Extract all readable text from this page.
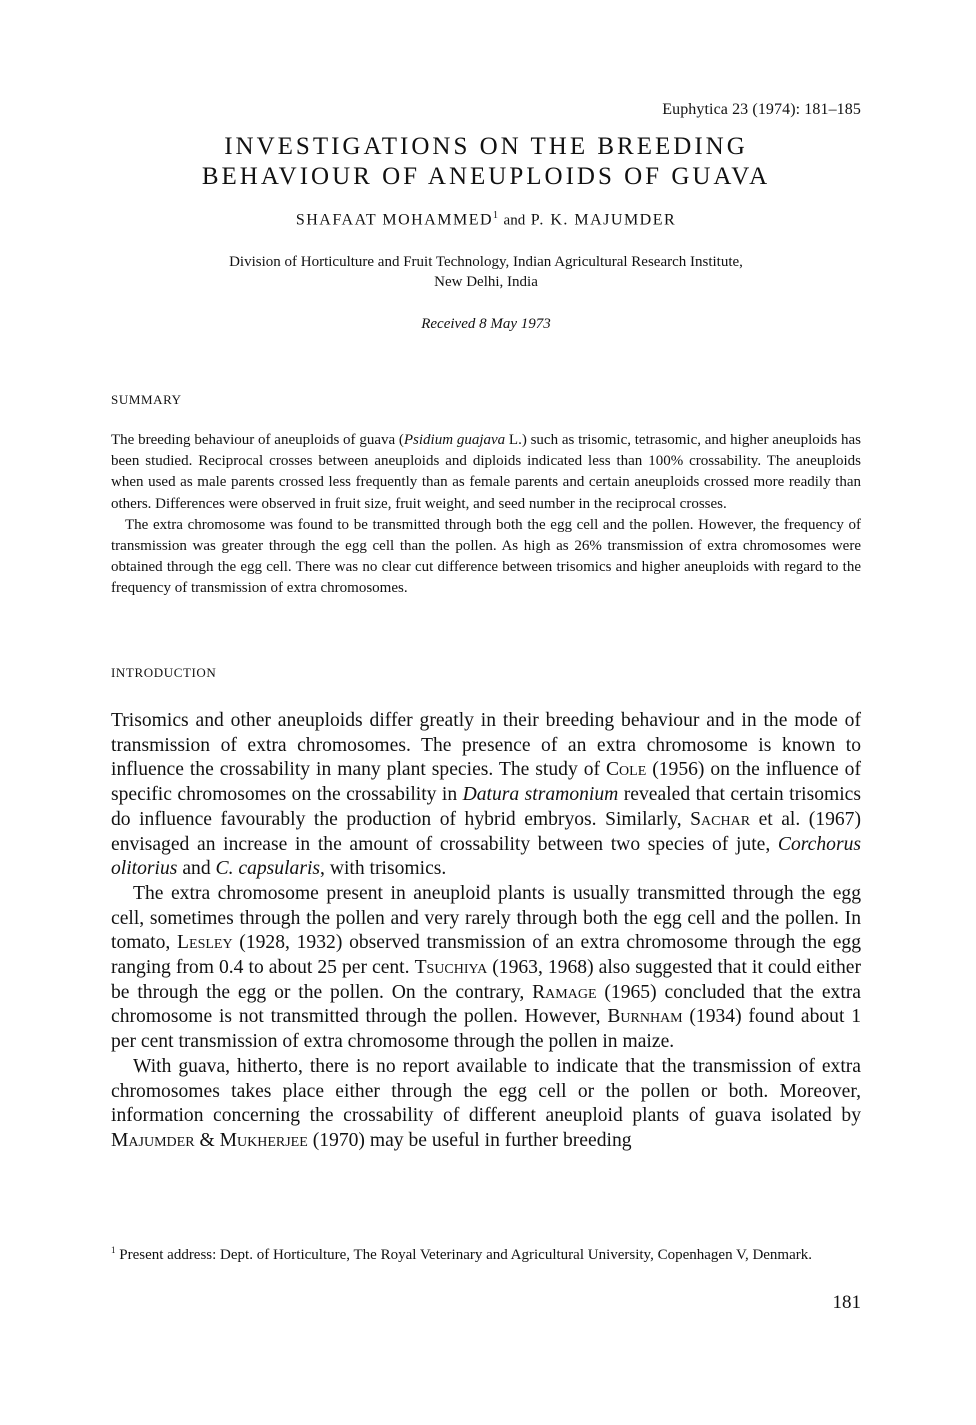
Euphytica 23 (1974): 181–185
INVESTIGATIONS ON THE BREEDING
BEHAVIOUR OF ANEUPLOIDS OF GUAVA
SHAFAAT MOHAMMED$^1$ and P. K. MAJUMDER
Division of Horticulture and Fruit Technology, Indian Agricultural Research Institute,
New Delhi, India
Received 8 May 1973
SUMMARY

The breeding behaviour of aneuploids of guava (Psidium guajava L.) such as trisomic, tetrasomic, and higher aneuploids has been studied. Reciprocal crosses between aneuploids and diploids indicated less than 100% crossability. The aneuploids when used as male parents crossed less frequently than as female parents and certain aneuploids crossed more readily than others. Differences were observed in fruit size, fruit weight, and seed number in the reciprocal crosses.

The extra chromosome was found to be transmitted through both the egg cell and the pollen. However, the frequency of transmission was greater through the egg cell than the pollen. As high as 26% transmission of extra chromosomes were obtained through the egg cell. There was no clear cut difference between trisomics and higher aneuploids with regard to the frequency of transmission of extra chromosomes.

INTRODUCTION

Trisomics and other aneuploids differ greatly in their breeding behaviour and in the mode of transmission of extra chromosomes. The presence of an extra chromosome is known to influence the crossability in many plant species. The study of Cole (1956) on the influence of specific chromosomes on the crossability in Datura stramonium revealed that certain trisomics do influence favourably the production of hybrid embryos. Similarly, Sachar et al. (1967) envisaged an increase in the amount of crossability between two species of jute, Corchorus olitorius and C. capsularis, with trisomics.

The extra chromosome present in aneuploid plants is usually transmitted through the egg cell, sometimes through the pollen and very rarely through both the egg cell and the pollen. In tomato, Lesley (1928, 1932) observed transmission of an extra chromosome through the egg ranging from 0.4 to about 25 per cent. Tsuchiya (1963, 1968) also suggested that it could either be through the egg or the pollen. On the contrary, Ramage (1965) concluded that the extra chromosome is not transmitted through the pollen. However, Burnham (1934) found about 1 per cent transmission of extra chromosome through the pollen in maize.

With guava, hitherto, there is no report available to indicate that the transmission of extra chromosomes takes place either through the egg cell or the pollen or both. Moreover, information concerning the crossability of different aneuploid plants of guava isolated by Majumder & Mukherjee (1970) may be useful in further breeding

$^1$ Present address: Dept. of Horticulture, The Royal Veterinary and Agricultural University, Copenhagen V, Denmark.
181
